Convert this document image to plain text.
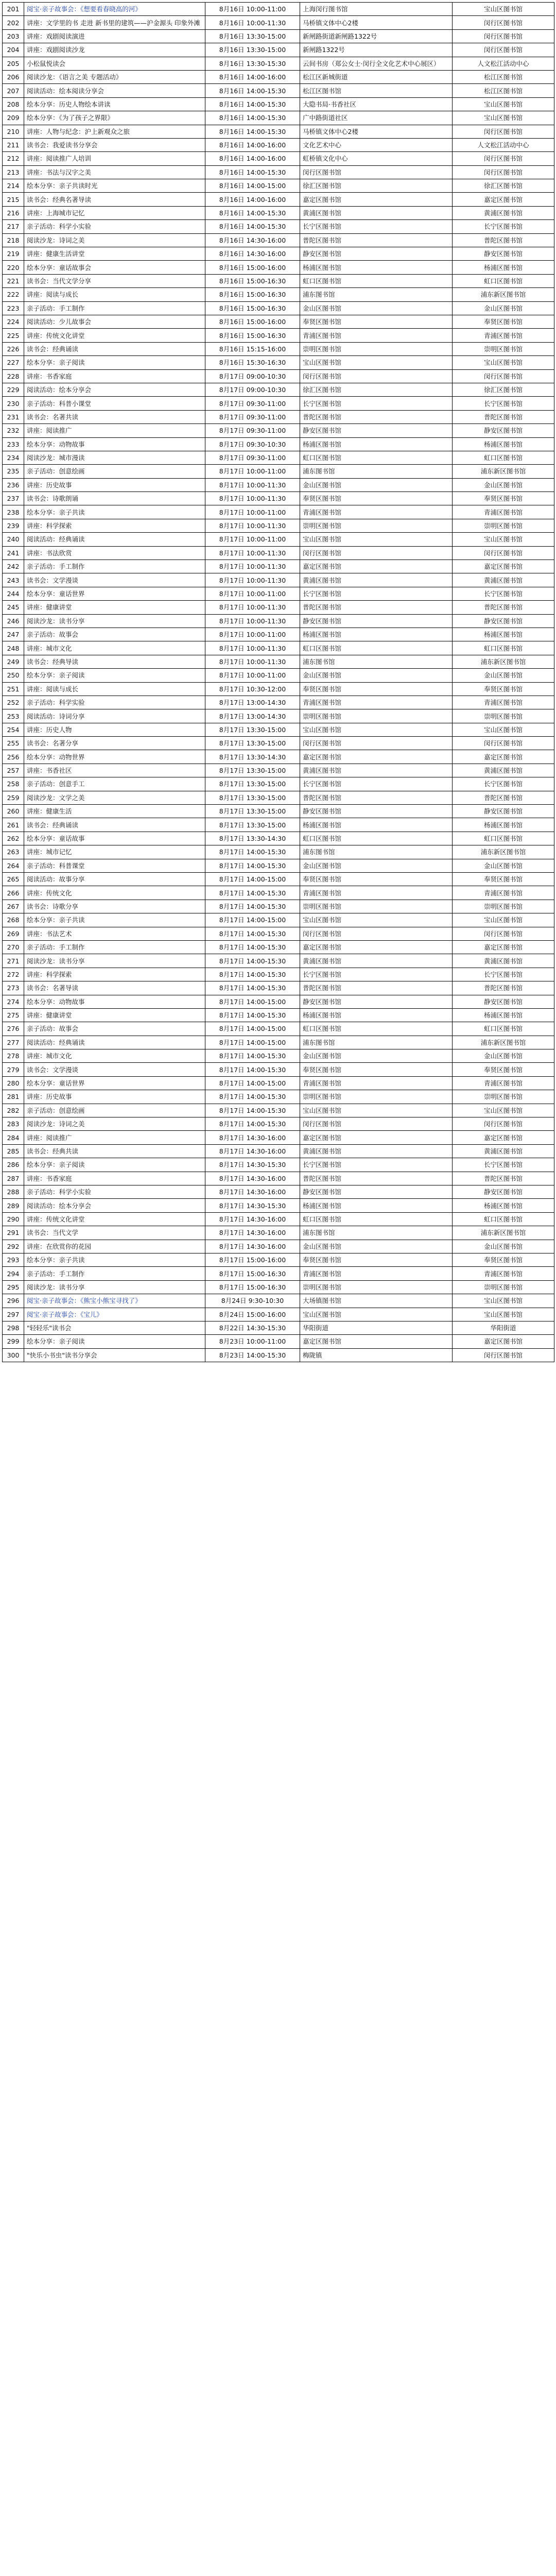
201	阅宝·亲子故事会：《想要看春晓高的河》	8月16日 10:00-11:00	上海闵行图书馆	宝山区图书馆
202	讲座：文学里的书 走进 新书里的建筑——沪金源头 印象外滩	8月16日 10:00-11:30	马桥镇文体中心2楼	闵行区图书馆
203	讲座：戏剧阅读演进	8月16日 13:30-15:00	新闸路街道新闸路1322号	闵行区图书馆
204	讲座：戏剧阅读沙龙	8月16日 13:30-15:00	新闸路1322号	闵行区图书馆
205	小松鼠悦读会	8月16日 13:30-15:30	云间书房（郑公女士·闵行全文化艺术中心展区）	人文松江活动中心
206	阅读沙龙：《语言之美 专题活动》	8月16日 14:00-16:00	松江区新城街道	松江区图书馆
207	阅读活动：绘本阅读分享会	8月16日 14:00-15:30	松江区图书馆	松江区图书馆
208	绘本分享：历史人物绘本讲读	8月16日 14:00-15:30	大隐书局·书香社区	宝山区图书馆
209	绘本分享：《为了孩子之界限》	8月16日 14:00-15:30	广中路街道社区	宝山区图书馆
210	讲座：人物与纪念：沪上新观众之旅	8月16日 14:00-15:30	马桥镇文体中心2楼	闵行区图书馆
211	读书会：我爱读书分享会	8月16日 14:00-16:00	文化艺术中心	人文松江活动中心
212	讲座：阅读推广人培训	8月16日 14:00-16:00	虹桥镇文化中心	闵行区图书馆
213	讲座：书法与汉字之美	8月16日 14:00-15:30	闵行区图书馆	闵行区图书馆
214	绘本分享：亲子共读时光	8月16日 14:00-15:00	徐汇区图书馆	徐汇区图书馆
215	读书会：经典名著导读	8月16日 14:00-16:00	嘉定区图书馆	嘉定区图书馆
216	讲座：上海城市记忆	8月16日 14:00-15:30	黄浦区图书馆	黄浦区图书馆
217	亲子活动：科学小实验	8月16日 14:00-15:30	长宁区图书馆	长宁区图书馆
218	阅读沙龙：诗词之美	8月16日 14:30-16:00	普陀区图书馆	普陀区图书馆
219	讲座：健康生活讲堂	8月16日 14:30-16:00	静安区图书馆	静安区图书馆
220	绘本分享：童话故事会	8月16日 15:00-16:00	杨浦区图书馆	杨浦区图书馆
221	读书会：当代文学分享	8月16日 15:00-16:30	虹口区图书馆	虹口区图书馆
222	讲座：阅读与成长	8月16日 15:00-16:30	浦东图书馆	浦东新区图书馆
223	亲子活动：手工制作	8月16日 15:00-16:30	金山区图书馆	金山区图书馆
224	阅读活动：少儿故事会	8月16日 15:00-16:00	奉贤区图书馆	奉贤区图书馆
225	讲座：传统文化讲堂	8月16日 15:00-16:30	青浦区图书馆	青浦区图书馆
226	读书会：经典诵读	8月16日 15:15-16:00	崇明区图书馆	崇明区图书馆
227	绘本分享：亲子阅读	8月16日 15:30-16:30	宝山区图书馆	宝山区图书馆
228	讲座：书香家庭	8月17日 09:00-10:30	闵行区图书馆	闵行区图书馆
229	阅读活动：绘本分享会	8月17日 09:00-10:30	徐汇区图书馆	徐汇区图书馆
230	亲子活动：科普小课堂	8月17日 09:30-11:00	长宁区图书馆	长宁区图书馆
231	读书会：名著共读	8月17日 09:30-11:00	普陀区图书馆	普陀区图书馆
232	讲座：阅读推广	8月17日 09:30-11:00	静安区图书馆	静安区图书馆
233	绘本分享：动物故事	8月17日 09:30-10:30	杨浦区图书馆	杨浦区图书馆
234	阅读沙龙：城市漫读	8月17日 09:30-11:00	虹口区图书馆	虹口区图书馆
235	亲子活动：创意绘画	8月17日 10:00-11:00	浦东图书馆	浦东新区图书馆
236	讲座：历史故事	8月17日 10:00-11:30	金山区图书馆	金山区图书馆
237	读书会：诗歌朗诵	8月17日 10:00-11:30	奉贤区图书馆	奉贤区图书馆
238	绘本分享：亲子共读	8月17日 10:00-11:00	青浦区图书馆	青浦区图书馆
239	讲座：科学探索	8月17日 10:00-11:30	崇明区图书馆	崇明区图书馆
240	阅读活动：经典诵读	8月17日 10:00-11:00	宝山区图书馆	宝山区图书馆
241	讲座：书法欣赏	8月17日 10:00-11:30	闵行区图书馆	闵行区图书馆
242	亲子活动：手工制作	8月17日 10:00-11:30	嘉定区图书馆	嘉定区图书馆
243	读书会：文学漫谈	8月17日 10:00-11:30	黄浦区图书馆	黄浦区图书馆
244	绘本分享：童话世界	8月17日 10:00-11:00	长宁区图书馆	长宁区图书馆
245	讲座：健康讲堂	8月17日 10:00-11:30	普陀区图书馆	普陀区图书馆
246	阅读沙龙：读书分享	8月17日 10:00-11:30	静安区图书馆	静安区图书馆
247	亲子活动：故事会	8月17日 10:00-11:00	杨浦区图书馆	杨浦区图书馆
248	讲座：城市文化	8月17日 10:00-11:30	虹口区图书馆	虹口区图书馆
249	读书会：经典导读	8月17日 10:00-11:30	浦东图书馆	浦东新区图书馆
250	绘本分享：亲子阅读	8月17日 10:00-11:00	金山区图书馆	金山区图书馆
251	讲座：阅读与成长	8月17日 10:30-12:00	奉贤区图书馆	奉贤区图书馆
252	亲子活动：科学实验	8月17日 13:00-14:30	青浦区图书馆	青浦区图书馆
253	阅读活动：诗词分享	8月17日 13:00-14:30	崇明区图书馆	崇明区图书馆
254	讲座：历史人物	8月17日 13:30-15:00	宝山区图书馆	宝山区图书馆
255	读书会：名著分享	8月17日 13:30-15:00	闵行区图书馆	闵行区图书馆
256	绘本分享：动物世界	8月17日 13:30-14:30	嘉定区图书馆	嘉定区图书馆
257	讲座：书香社区	8月17日 13:30-15:00	黄浦区图书馆	黄浦区图书馆
258	亲子活动：创意手工	8月17日 13:30-15:00	长宁区图书馆	长宁区图书馆
259	阅读沙龙：文学之美	8月17日 13:30-15:00	普陀区图书馆	普陀区图书馆
260	讲座：健康生活	8月17日 13:30-15:00	静安区图书馆	静安区图书馆
261	读书会：经典诵读	8月17日 13:30-15:00	杨浦区图书馆	杨浦区图书馆
262	绘本分享：童话故事	8月17日 13:30-14:30	虹口区图书馆	虹口区图书馆
263	讲座：城市记忆	8月17日 14:00-15:30	浦东图书馆	浦东新区图书馆
264	亲子活动：科普课堂	8月17日 14:00-15:30	金山区图书馆	金山区图书馆
265	阅读活动：故事分享	8月17日 14:00-15:00	奉贤区图书馆	奉贤区图书馆
266	讲座：传统文化	8月17日 14:00-15:30	青浦区图书馆	青浦区图书馆
267	读书会：诗歌分享	8月17日 14:00-15:30	崇明区图书馆	崇明区图书馆
268	绘本分享：亲子共读	8月17日 14:00-15:00	宝山区图书馆	宝山区图书馆
269	讲座：书法艺术	8月17日 14:00-15:30	闵行区图书馆	闵行区图书馆
270	亲子活动：手工制作	8月17日 14:00-15:30	嘉定区图书馆	嘉定区图书馆
271	阅读沙龙：读书分享	8月17日 14:00-15:30	黄浦区图书馆	黄浦区图书馆
272	讲座：科学探索	8月17日 14:00-15:30	长宁区图书馆	长宁区图书馆
273	读书会：名著导读	8月17日 14:00-15:30	普陀区图书馆	普陀区图书馆
274	绘本分享：动物故事	8月17日 14:00-15:00	静安区图书馆	静安区图书馆
275	讲座：健康讲堂	8月17日 14:00-15:30	杨浦区图书馆	杨浦区图书馆
276	亲子活动：故事会	8月17日 14:00-15:00	虹口区图书馆	虹口区图书馆
277	阅读活动：经典诵读	8月17日 14:00-15:00	浦东图书馆	浦东新区图书馆
278	讲座：城市文化	8月17日 14:00-15:30	金山区图书馆	金山区图书馆
279	读书会：文学漫谈	8月17日 14:00-15:30	奉贤区图书馆	奉贤区图书馆
280	绘本分享：童话世界	8月17日 14:00-15:00	青浦区图书馆	青浦区图书馆
281	讲座：历史故事	8月17日 14:00-15:30	崇明区图书馆	崇明区图书馆
282	亲子活动：创意绘画	8月17日 14:00-15:30	宝山区图书馆	宝山区图书馆
283	阅读沙龙：诗词之美	8月17日 14:00-15:30	闵行区图书馆	闵行区图书馆
284	讲座：阅读推广	8月17日 14:30-16:00	嘉定区图书馆	嘉定区图书馆
285	读书会：经典共读	8月17日 14:30-16:00	黄浦区图书馆	黄浦区图书馆
286	绘本分享：亲子阅读	8月17日 14:30-15:30	长宁区图书馆	长宁区图书馆
287	讲座：书香家庭	8月17日 14:30-16:00	普陀区图书馆	普陀区图书馆
288	亲子活动：科学小实验	8月17日 14:30-16:00	静安区图书馆	静安区图书馆
289	阅读活动：绘本分享会	8月17日 14:30-15:30	杨浦区图书馆	杨浦区图书馆
290	讲座：传统文化讲堂	8月17日 14:30-16:00	虹口区图书馆	虹口区图书馆
291	读书会：当代文学	8月17日 14:30-16:00	浦东图书馆	浦东新区图书馆
292	讲座：在欣赏你的花园	8月17日 14:30-16:00	金山区图书馆	金山区图书馆
293	绘本分享：亲子共读	8月17日 15:00-16:00	奉贤区图书馆	奉贤区图书馆
294	亲子活动：手工制作	8月17日 15:00-16:30	青浦区图书馆	青浦区图书馆
295	阅读沙龙：读书分享	8月17日 15:00-16:30	崇明区图书馆	崇明区图书馆
296	阅宝·亲子故事会：《熊宝小熊宝寻找了》	8月24日 9:30-10:30	大场镇图书馆	宝山区图书馆
297	阅宝·亲子故事会：《宝儿》	8月24日 15:00-16:00	宝山区图书馆	宝山区图书馆
298	"轻轻乐"读书会	8月22日 14:30-15:30	华阳街道	华阳街道
299	绘本分享：亲子阅读	8月23日 10:00-11:00	嘉定区图书馆	嘉定区图书馆
300	"快乐小书虫"读书分享会	8月23日 14:00-15:30	梅陇镇	闵行区图书馆
